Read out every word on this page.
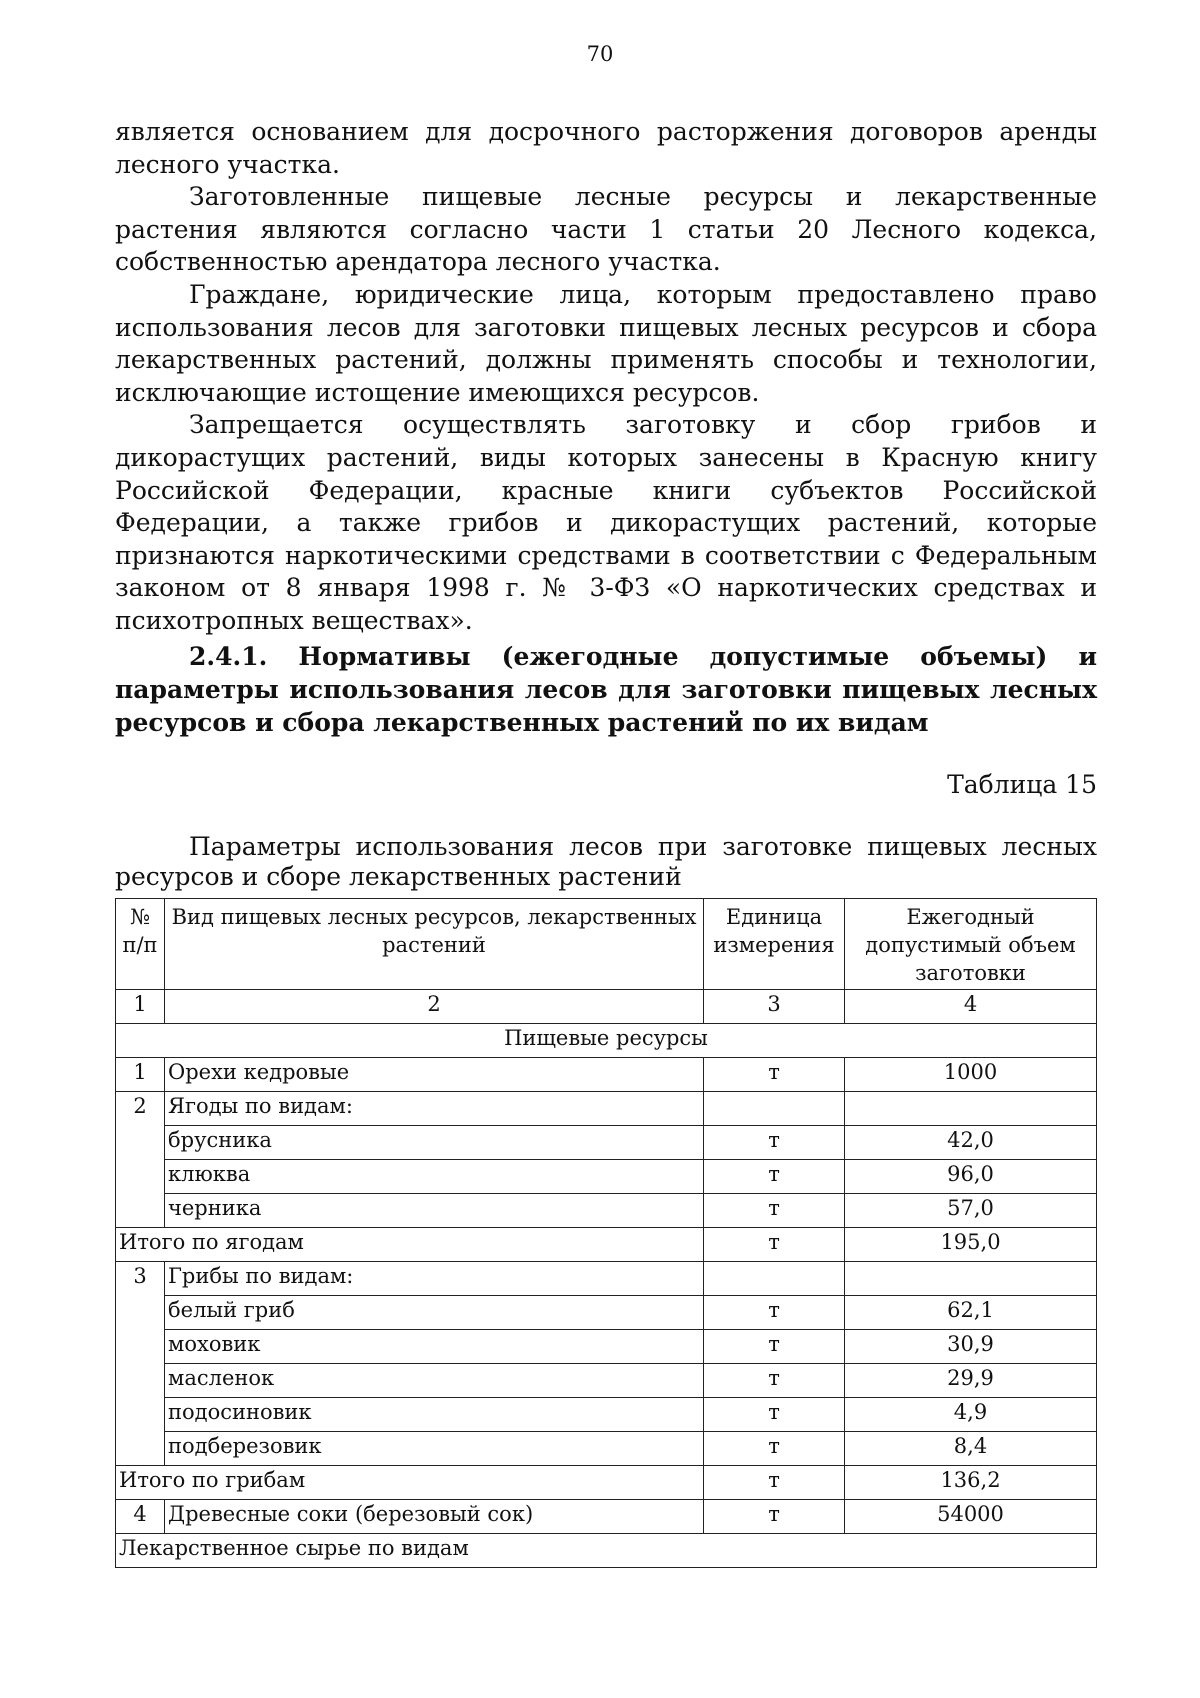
70

является основанием для досрочного расторжения договоров аренды лесного участка.

Заготовленные пищевые лесные ресурсы и лекарственные растения являются согласно части 1 статьи 20 Лесного кодекса, собственностью арендатора лесного участка.

Граждане, юридические лица, которым предоставлено право использования лесов для заготовки пищевых лесных ресурсов и сбора лекарственных растений, должны применять способы и технологии, исключающие истощение имеющихся ресурсов.

Запрещается осуществлять заготовку и сбор грибов и дикорастущих растений, виды которых занесены в Красную книгу Российской Федерации, красные книги субъектов Российской Федерации, а также грибов и дикорастущих растений, которые признаются наркотическими средствами в соответствии с Федеральным законом от 8 января 1998 г. № 3-ФЗ «О наркотических средствах и психотропных веществах».

2.4.1. Нормативы (ежегодные допустимые объемы) и параметры использования лесов для заготовки пищевых лесных ресурсов и сбора лекарственных растений по их видам
Таблица 15
Параметры использования лесов при заготовке пищевых лесных ресурсов и сборе лекарственных растений
№ п/п	Вид пищевых лесных ресурсов, лекарственных растений	Единица измерения	Ежегодный допустимый объем заготовки
1	2	3	4
Пищевые ресурсы			
1	Орехи кедровые	т	1000
2	Ягоды по видам:		
	брусника	т	42,0
	клюква	т	96,0
	черника	т	57,0
Итого по ягодам		т	195,0
3	Грибы по видам:		
	белый гриб	т	62,1
	моховик	т	30,9
	масленок	т	29,9
	подосиновик	т	4,9
	подберезовик	т	8,4
Итого по грибам		т	136,2
4	Древесные соки (березовый сок)	т	54000
Лекарственное сырье по видам			
